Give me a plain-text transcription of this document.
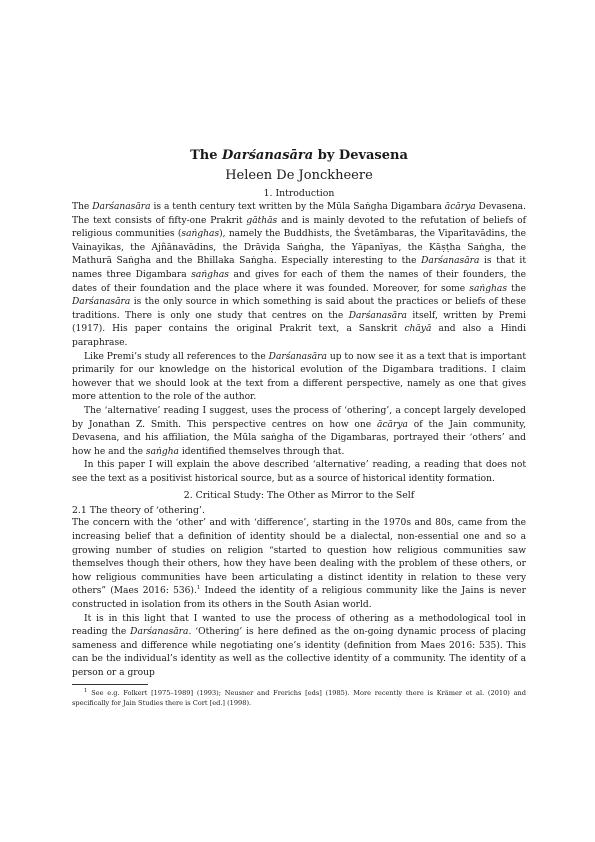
The Darśanasāra by Devasena
Heleen De Jonckheere
1. Introduction

The Darśanasāra is a tenth century text written by the Mūla Saṅgha Digambara ācārya Devasena. The text consists of fifty-one Prakrit gāthās and is mainly devoted to the refutation of beliefs of religious communities (saṅghas), namely the Buddhists, the Śvetāmbaras, the Viparītavādins, the Vainayikas, the Ajñānavādins, the Drāviḍa Saṅgha, the Yāpanīyas, the Kāṣṭha Saṅgha, the Mathurā Saṅgha and the Bhillaka Saṅgha. Especially interesting to the Darśanasāra is that it names three Digambara saṅghas and gives for each of them the names of their founders, the dates of their foundation and the place where it was founded. Moreover, for some saṅghas the Darśanasāra is the only source in which something is said about the practices or beliefs of these traditions. There is only one study that centres on the Darśanasāra itself, written by Premi (1917). His paper contains the original Prakrit text, a Sanskrit chāyā and also a Hindi paraphrase.

Like Premi’s study all references to the Darśanasāra up to now see it as a text that is important primarily for our knowledge on the historical evolution of the Digambara traditions. I claim however that we should look at the text from a different perspective, namely as one that gives more attention to the role of the author.

The ‘alternative’ reading I suggest, uses the process of ‘othering’, a concept largely developed by Jonathan Z. Smith. This perspective centres on how one ācārya of the Jain community, Devasena, and his affiliation, the Mūla saṅgha of the Digambaras, portrayed their ‘others’ and how he and the saṅgha identified themselves through that.

In this paper I will explain the above described ‘alternative’ reading, a reading that does not see the text as a positivist historical source, but as a source of historical identity formation.

2. Critical Study: The Other as Mirror to the Self
2.1 The theory of ‘othering’.

The concern with the ‘other’ and with ‘difference’, starting in the 1970s and 80s, came from the increasing belief that a definition of identity should be a dialectal, non-essential one and so a growing number of studies on religion “started to question how religious communities saw themselves though their others, how they have been dealing with the problem of these others, or how religious communities have been articulating a distinct identity in relation to these very others” (Maes 2016: 536).$^1$ Indeed the identity of a religious community like the Jains is never constructed in isolation from its others in the South Asian world.

It is in this light that I wanted to use the process of othering as a methodological tool in reading the Darśanasāra. ‘Othering’ is here defined as the on-going dynamic process of placing sameness and difference while negotiating one’s identity (definition from Maes 2016: 535). This can be the individual’s identity as well as the collective identity of a community. The identity of a person or a group

$^1$ See e.g. Folkert [1975–1989] (1993); Neusner and Frerichs [eds] (1985). More recently there is Krämer et al. (2010) and specifically for Jain Studies there is Cort [ed.] (1998).
